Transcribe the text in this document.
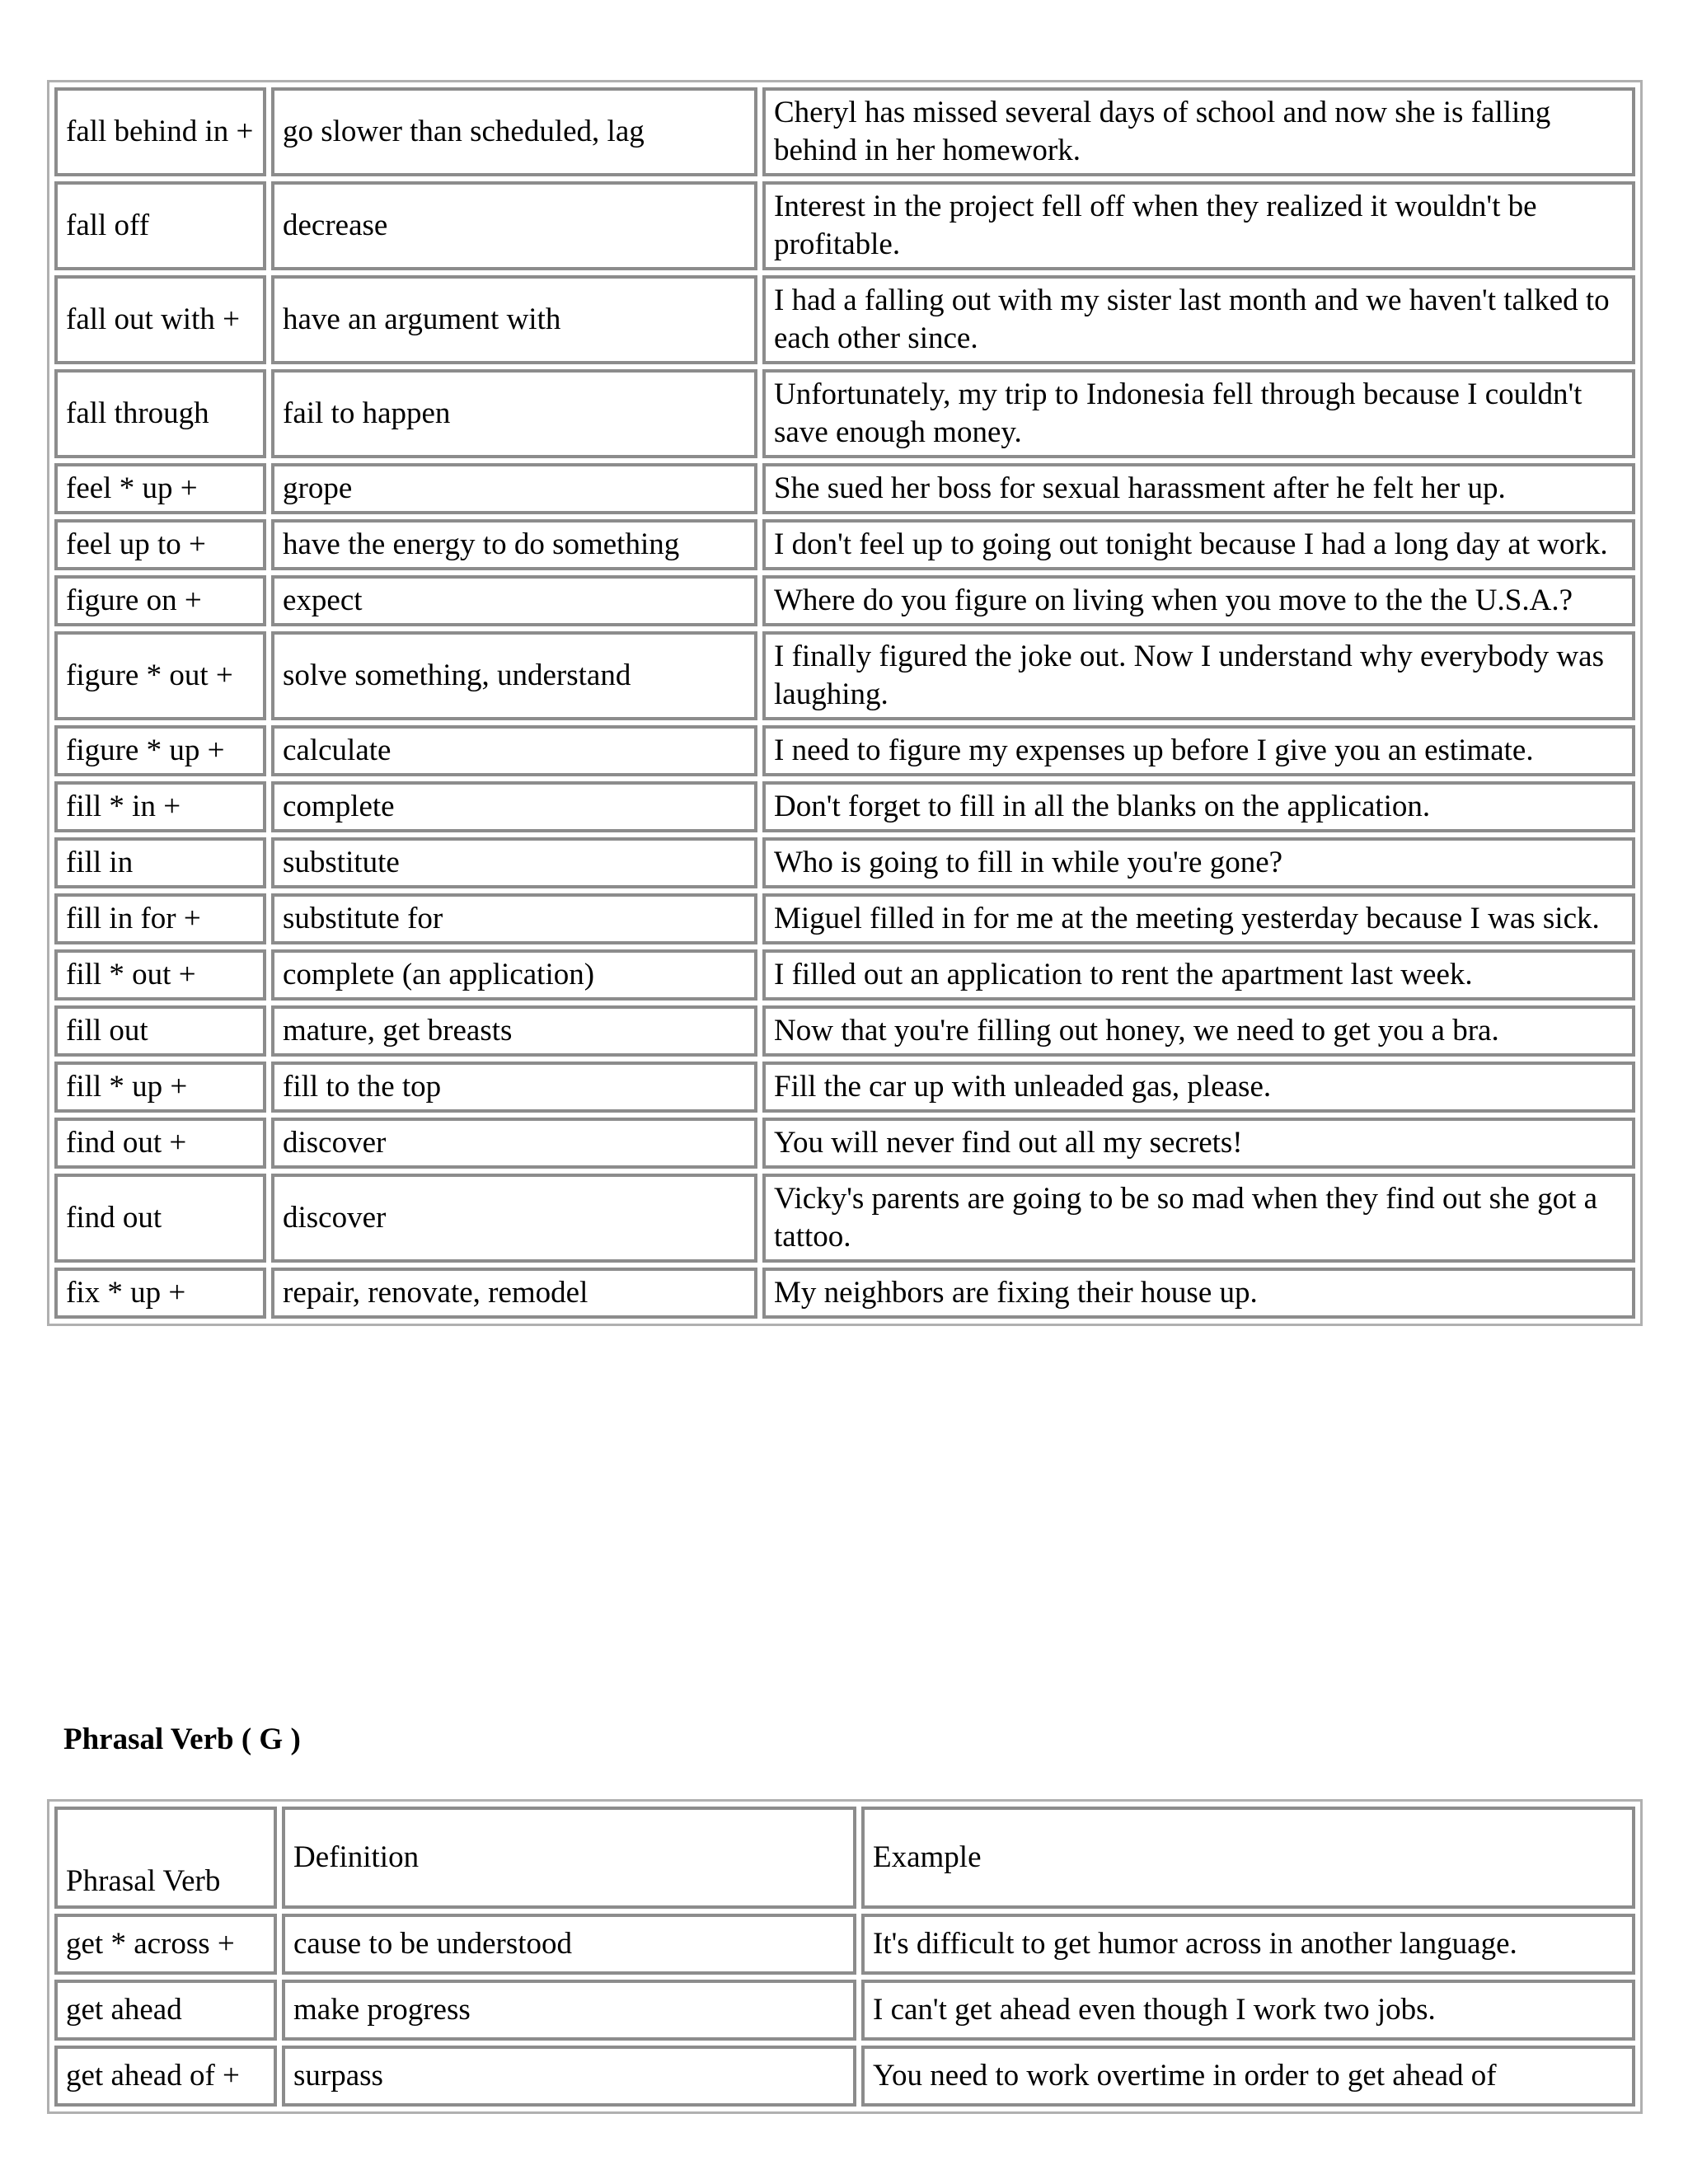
fall behind in +	go slower than scheduled, lag	Cheryl has missed several days of school and now she is falling behind in her homework.
fall off	decrease	Interest in the project fell off when they realized it wouldn't be profitable.
fall out with +	have an argument with	I had a falling out with my sister last month and we haven't talked to each other since.
fall through	fail to happen	Unfortunately, my trip to Indonesia fell through because I couldn't save enough money.
feel * up +	grope	She sued her boss for sexual harassment after he felt her up.
feel up to +	have the energy to do something	I don't feel up to going out tonight because I had a long day at work.
figure on +	expect	Where do you figure on living when you move to the the U.S.A.?
figure * out +	solve something, understand	I finally figured the joke out. Now I understand why everybody was laughing.
figure * up +	calculate	I need to figure my expenses up before I give you an estimate.
fill * in +	complete	Don't forget to fill in all the blanks on the application.
fill in	substitute	Who is going to fill in while you're gone?
fill in for +	substitute for	Miguel filled in for me at the meeting yesterday because I was sick.
fill * out +	complete (an application)	I filled out an application to rent the apartment last week.
fill out	mature, get breasts	Now that you're filling out honey, we need to get you a bra.
fill * up +	fill to the top	Fill the car up with unleaded gas, please.
find out +	discover	You will never find out all my secrets!
find out	discover	Vicky's parents are going to be so mad when they find out she got a tattoo.
fix * up +	repair, renovate, remodel	My neighbors are fixing their house up.
Phrasal Verb ( G )
Phrasal Verb	Definition	Example
get * across +	cause to be understood	It's difficult to get humor across in another language.
get ahead	make progress	I can't get ahead even though I work two jobs.
get ahead of +	surpass	You need to work overtime in order to get ahead of
